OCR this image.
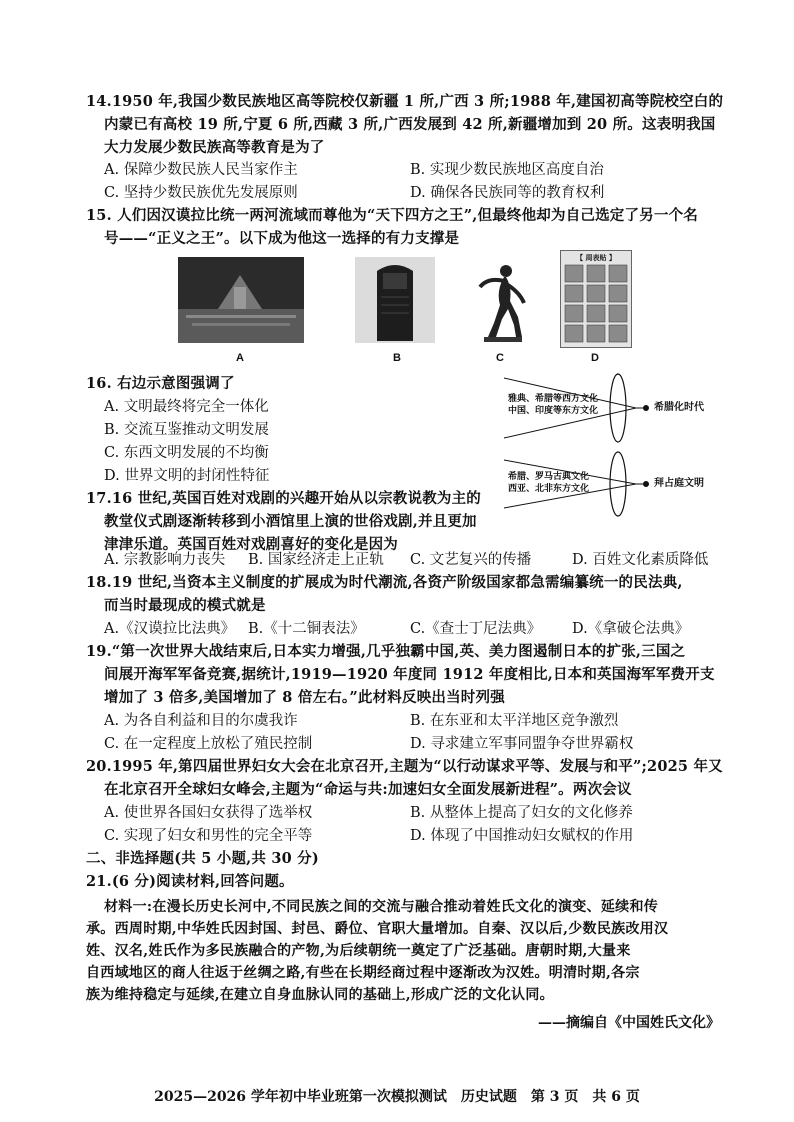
14.1950 年,我国少数民族地区高等院校仅新疆 1 所,广西 3 所;1988 年,建国初高等院校空白的
内蒙已有高校 19 所,宁夏 6 所,西藏 3 所,广西发展到 42 所,新疆增加到 20 所。这表明我国
大力发展少数民族高等教育是为了
A. 保障少数民族人民当家作主	B. 实现少数民族地区高度自治
C. 坚持少数民族优先发展原则	D. 确保各民族同等的教育权利
15. 人们因汉谟拉比统一两河流域而尊他为“天下四方之王”,但最终他却为自己选定了另一个名
号——“正义之王”。以下成为他这一选择的有力支撑是
A	B	C
【 周表贴 】
D
16. 右边示意图强调了
A. 文明最终将完全一体化
B. 交流互鉴推动文明发展
C. 东西文明发展的不均衡
D. 世界文明的封闭性特征
雅典、希腊等西方文化
中国、印度等东方文化	希腊化时代
希腊、罗马古典文化
西亚、北非东方文化	拜占庭文明
17.16 世纪,英国百姓对戏剧的兴趣开始从以宗教说教为主的
教堂仪式剧逐渐转移到小酒馆里上演的世俗戏剧,并且更加
津津乐道。英国百姓对戏剧喜好的变化是因为
A. 宗教影响力丧失 B. 国家经济走上正轨 C. 文艺复兴的传播	D. 百姓文化素质降低
18.19 世纪,当资本主义制度的扩展成为时代潮流,各资产阶级国家都急需编纂统一的民法典,
而当时最现成的模式就是
A.《汉谟拉比法典》 B.《十二铜表法》	C.《查士丁尼法典》 D.《拿破仑法典》
19.“第一次世界大战结束后,日本实力增强,几乎独霸中国,英、美力图遏制日本的扩张,三国之
间展开海军军备竞赛,据统计,1919—1920 年度同 1912 年度相比,日本和英国海军军费开支
增加了 3 倍多,美国增加了 8 倍左右。”此材料反映出当时列强
A. 为各自利益和目的尔虞我诈	B. 在东亚和太平洋地区竞争激烈
C. 在一定程度上放松了殖民控制	D. 寻求建立军事同盟争夺世界霸权
20.1995 年,第四届世界妇女大会在北京召开,主题为“以行动谋求平等、发展与和平”;2025 年又
在北京召开全球妇女峰会,主题为“命运与共:加速妇女全面发展新进程”。两次会议
A. 使世界各国妇女获得了选举权	B. 从整体上提高了妇女的文化修养
C. 实现了妇女和男性的完全平等	D. 体现了中国推动妇女赋权的作用
二、非选择题(共 5 小题,共 30 分)
21.(6 分)阅读材料,回答问题。
材料一:在漫长历史长河中,不同民族之间的交流与融合推动着姓氏文化的演变、延续和传
承。西周时期,中华姓氏因封国、封邑、爵位、官职大量增加。自秦、汉以后,少数民族改用汉
姓、汉名,姓氏作为多民族融合的产物,为后续朝统一奠定了广泛基础。唐朝时期,大量来
自西域地区的商人往返于丝绸之路,有些在长期经商过程中逐渐改为汉姓。明清时期,各宗
族为维持稳定与延续,在建立自身血脉认同的基础上,形成广泛的文化认同。
——摘编自《中国姓氏文化》
2025—2026 学年初中毕业班第一次模拟测试　历史试题　第 3 页　共 6 页
